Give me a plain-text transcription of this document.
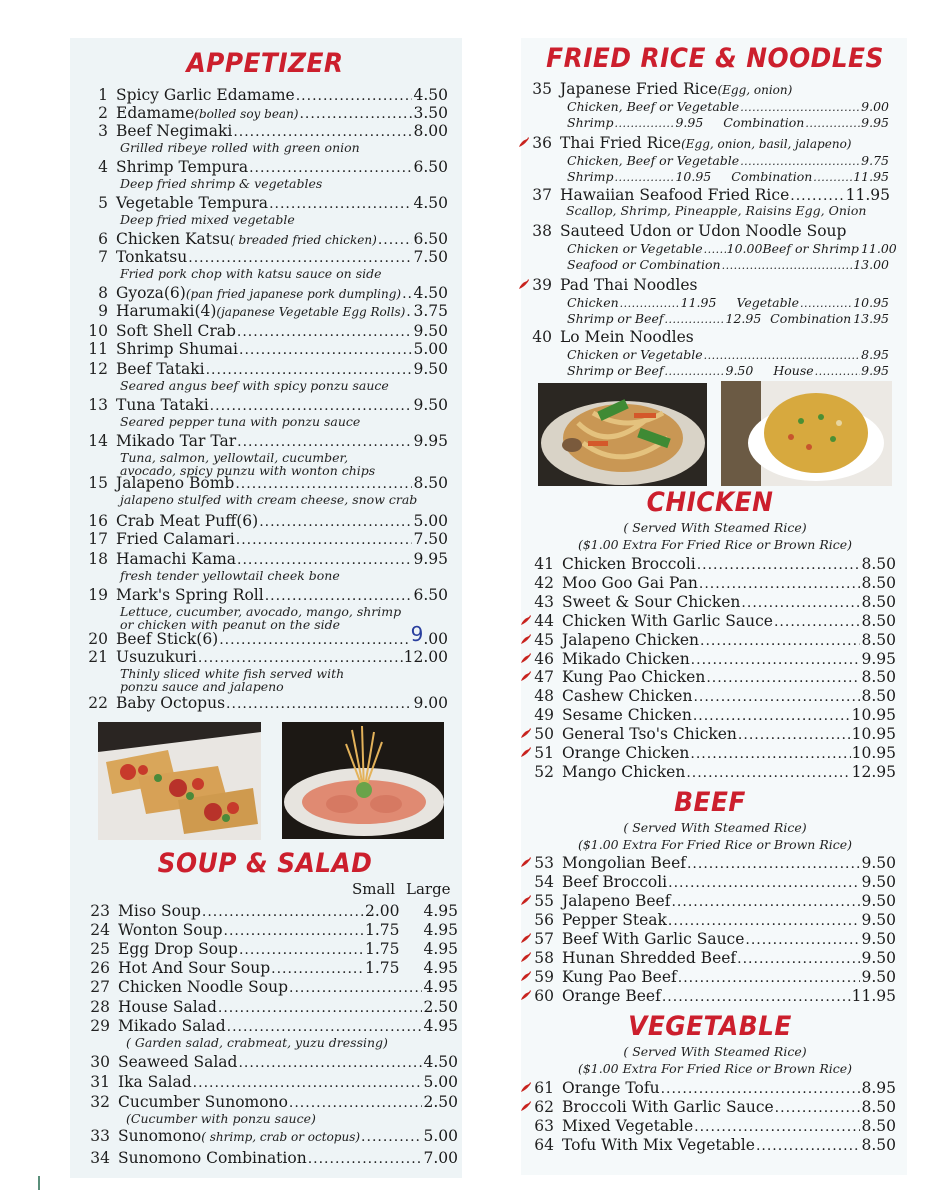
APPETIZER
SOUP & SALAD
FRIED RICE & NOODLES
CHICKEN
( Served With Steamed Rice)
($1.00 Extra For Fried Rice or Brown Rice)
BEEF
( Served With Steamed Rice)
($1.00 Extra For Fried Rice or Brown Rice)
VEGETABLE
( Served With Steamed Rice)
($1.00 Extra For Fried Rice or Brown Rice)
Small Large
1 Spicy Garlic Edamame .....	4.50
2 Edamame (bolled soy bean) .....	3.50
3 Beef Negimaki .....	8.00
Grilled ribeye rolled with green onion
4 Shrimp Tempura .....	6.50
Deep fried shrimp & vegetables
5 Vegetable Tempura .....	4.50
Deep fried mixed vegetable
6 Chicken Katsu ( breaded fried chicken) ..... 6.50
7 Tonkatsu .....	7.50
Fried pork chop with katsu sauce on side
8 Gyoza(6) (pan fried japanese pork dumpling) ..... 4.50
9 Harumaki(4) (japanese Vegetable Egg Rolls) ..... 3.75
10 Soft Shell Crab .....	9.50
11 Shrimp Shumai .....	5.00
12 Beef Tataki .....	9.50
Seared angus beef with spicy ponzu sauce
13 Tuna Tataki .....	9.50
Seared pepper tuna with ponzu sauce
14 Mikado Tar Tar .....	9.95
Tuna, salmon, yellowtail, cucumber,
avocado, spicy punzu with wonton chips
15 Jalapeno Bomb .....	8.50
jalapeno stulfed with cream cheese, snow crab
16 Crab Meat Puff(6) .....	5.00
17 Fried Calamari .....	7.50
18 Hamachi Kama .....	9.95
fresh tender yellowtail cheek bone
19 Mark's Spring Roll .....	6.50
Lettuce, cucumber, avocado, mango, shrimp
or chicken with peanut on the side
20 Beef Stick(6) .....	9 .00
21 Usuzukuri .....	12.00
Thinly sliced white fish served with
ponzu sauce and jalapeno
22 Baby Octopus .....	9.00
23 Miso Soup .....	2.00 4.95
24 Wonton Soup .....	1.75 4.95
25 Egg Drop Soup .....	1.75 4.95
26 Hot And Sour Soup .....	1.75 4.95
27 Chicken Noodle Soup .....	4.95
28 House Salad .....	2.50
29 Mikado Salad .....	4.95
( Garden salad, crabmeat, yuzu dressing)
30 Seaweed Salad .....	4.50
31 Ika Salad .....	5.00
32 Cucumber Sunomono .....	2.50
(Cucumber with ponzu sauce)
33 Sunomono ( shrimp, crab or octopus) .....	5.00
34 Sunomono Combination .....	7.00
35 Japanese Fried Rice (Egg, onion)
Chicken, Beef or Vegetable .....	9.00
Shrimp .....	9.95 Combination .....	9.95
36 Thai Fried Rice (Egg, onion, basil, jalapeno)
Chicken, Beef or Vegetable .....	9.75
Shrimp .....	10.95 Combination .....	11.95
37 Hawaiian Seafood Fried Rice .....	11.95
Scallop, Shrimp, Pineapple, Raisins Egg, Onion
38 Sauteed Udon or Udon Noodle Soup
Chicken or Vegetable ..... 10.00 Beef or Shrimp 11.00
Seafood or Combination .....	13.00
39 Pad Thai Noodles
Chicken .....	11.95 Vegetable .....	10.95
Shrimp or Beef .....	12.95 Combination 13.95
40 Lo Mein Noodles
Chicken or Vegetable .....	8.95
Shrimp or Beef .....	9.50 House .....	9.95
41 Chicken Broccoli .....	8.50
42 Moo Goo Gai Pan .....	8.50
43 Sweet & Sour Chicken .....	8.50
44 Chicken With Garlic Sauce .....	8.50
45 Jalapeno Chicken .....	8.50
46 Mikado Chicken .....	9.95
47 Kung Pao Chicken .....	8.50
48 Cashew Chicken .....	8.50
49 Sesame Chicken .....	10.95
50 General Tso's Chicken .....	10.95
51 Orange Chicken .....	10.95
52 Mango Chicken .....	12.95
53 Mongolian Beef .....	9.50
54 Beef Broccoli .....	9.50
55 Jalapeno Beef .....	9.50
56 Pepper Steak .....	9.50
57 Beef With Garlic Sauce .....	9.50
58 Hunan Shredded Beef .....	9.50
59 Kung Pao Beef .....	9.50
60 Orange Beef .....	11.95
61 Orange Tofu .....	8.95
62 Broccoli With Garlic Sauce .....	8.50
63 Mixed Vegetable .....	8.50
64 Tofu With Mix Vegetable .....	8.50
